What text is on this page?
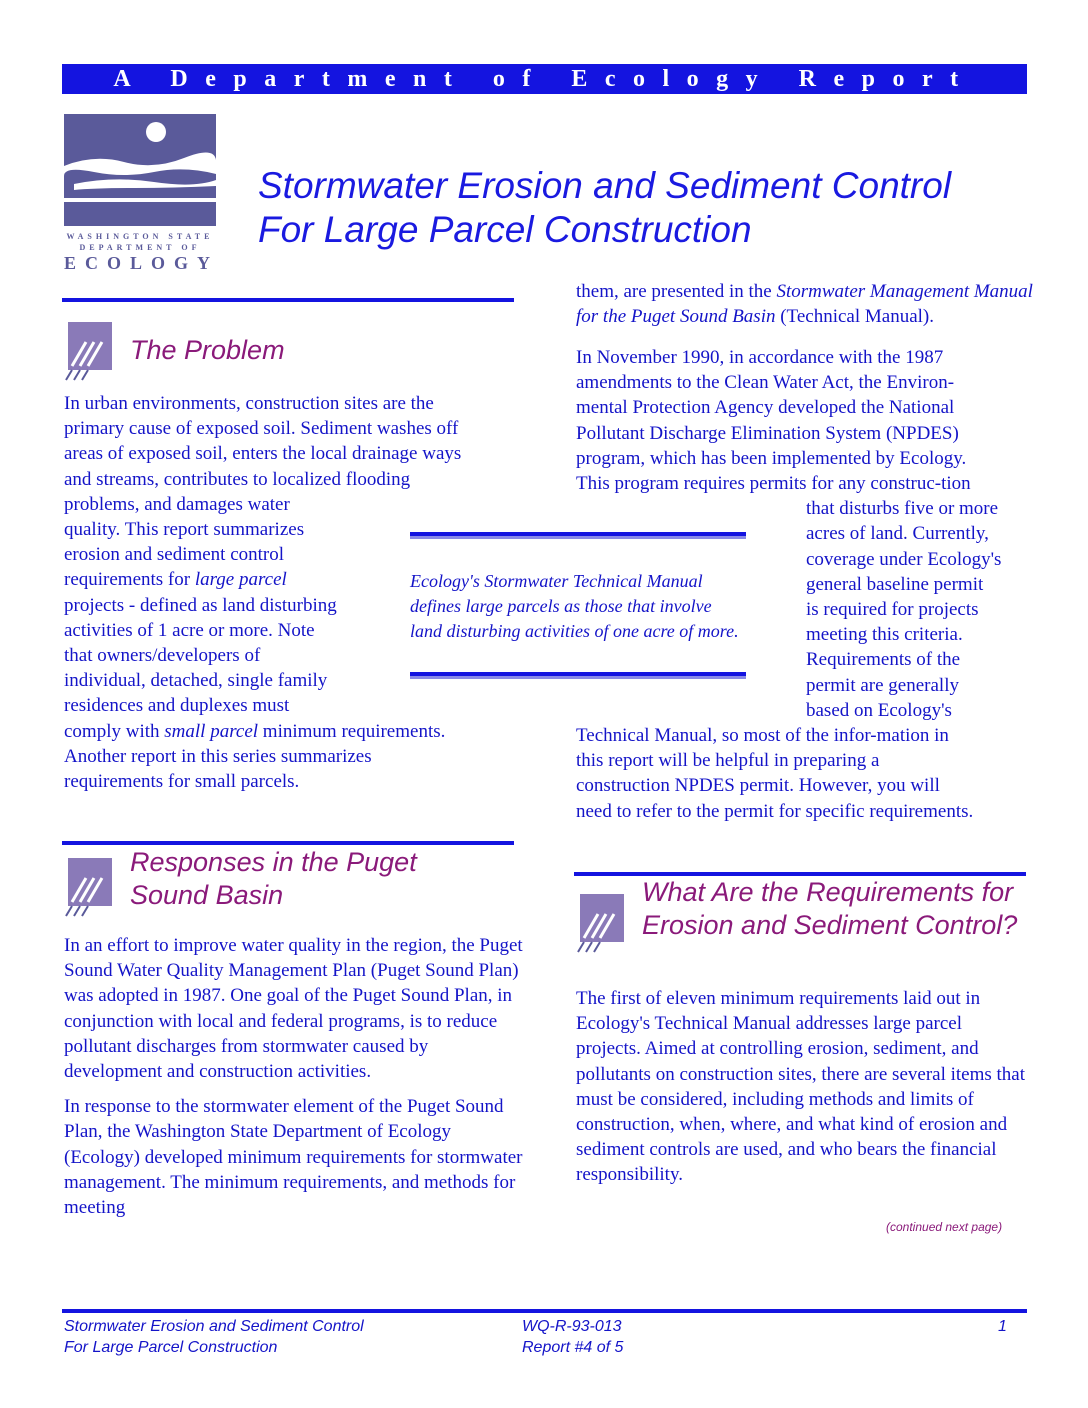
A Department of Ecology Report
WASHINGTON STATE
DEPARTMENT OF
ECOLOGY
Stormwater Erosion and Sediment Control
For Large Parcel Construction
The Problem
In urban environments, construction sites are the
primary cause of exposed soil. Sediment washes off
areas of exposed soil, enters the local drainage ways
and streams, contributes to localized flooding
problems, and damages water
quality. This report summarizes
erosion and sediment control
requirements for large parcel
projects - defined as land disturbing
activities of 1 acre or more. Note
that owners/developers of
individual, detached, single family
residences and duplexes must
comply with small parcel minimum requirements.
Another report in this series summarizes
requirements for small parcels.
Ecology's Stormwater Technical Manual defines large parcels as those that involve land disturbing activities of one acre of more.
Responses in the Puget Sound Basin

In an effort to improve water quality in the region, the Puget Sound Water Quality Management Plan (Puget Sound Plan) was adopted in 1987. One goal of the Puget Sound Plan, in conjunction with local and federal programs, is to reduce pollutant discharges from stormwater caused by development and construction activities.

In response to the stormwater element of the Puget Sound Plan, the Washington State Department of Ecology (Ecology) developed minimum requirements for stormwater management. The minimum requirements, and methods for meeting

them, are presented in the Stormwater Management Manual for the Puget Sound Basin (Technical Manual).
In November 1990, in accordance with the 1987
amendments to the Clean Water Act, the Environ-
mental Protection Agency developed the National
Pollutant Discharge Elimination System (NPDES)
program, which has been implemented by Ecology.
This program requires permits for any construc-tion
that disturbs five or more
acres of land. Currently,
coverage under Ecology's
general baseline permit
is required for projects
meeting this criteria.
Requirements of the
permit are generally
based on Ecology's
Technical Manual, so most of the infor-mation in
this report will be helpful in preparing a
construction NPDES permit. However, you will
need to refer to the permit for specific requirements.
What Are the Requirements for Erosion and Sediment Control?

The first of eleven minimum requirements laid out in Ecology's Technical Manual addresses large parcel projects. Aimed at controlling erosion, sediment, and pollutants on construction sites, there are several items that must be considered, including methods and limits of construction, when, where, and what kind of erosion and sediment controls are used, and who bears the financial responsibility.

(continued next page)
Stormwater Erosion and Sediment Control
For Large Parcel Construction
WQ-R-93-013
Report #4 of 5
1
